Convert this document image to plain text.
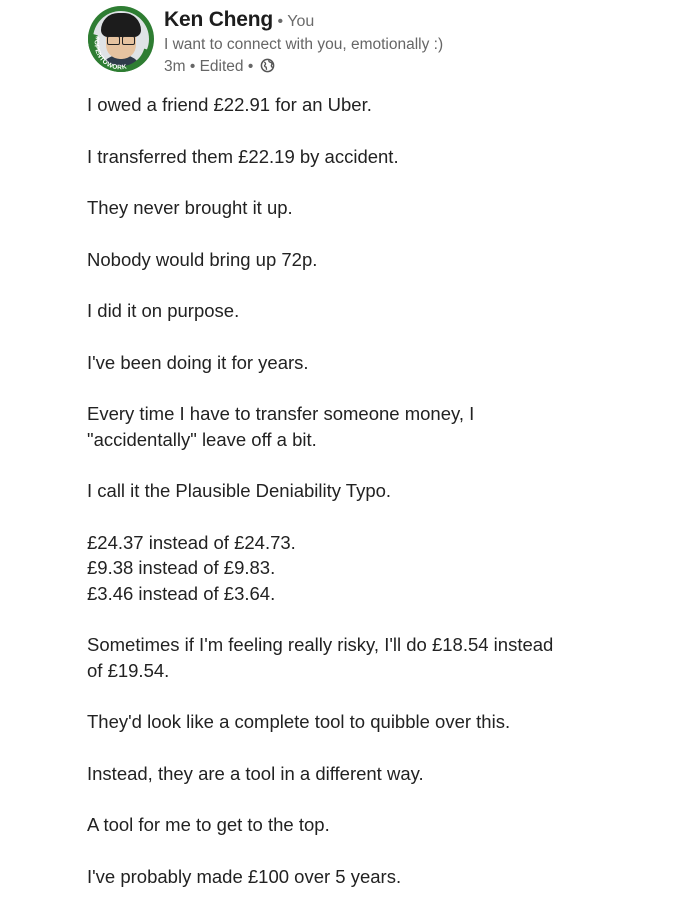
#OPENTOWORK
Ken Cheng • You
I want to connect with you, emotionally :)
3m • Edited •

I owed a friend £22.91 for an Uber.

I transferred them £22.19 by accident.

They never brought it up.

Nobody would bring up 72p.

I did it on purpose.

I've been doing it for years.

Every time I have to transfer someone money, I
"accidentally" leave off a bit.

I call it the Plausible Deniability Typo.

£24.37 instead of £24.73.
£9.38 instead of £9.83.
£3.46 instead of £3.64.

Sometimes if I'm feeling really risky, I'll do £18.54 instead
of £19.54.

They'd look like a complete tool to quibble over this.

Instead, they are a tool in a different way.

A tool for me to get to the top.

I've probably made £100 over 5 years.
